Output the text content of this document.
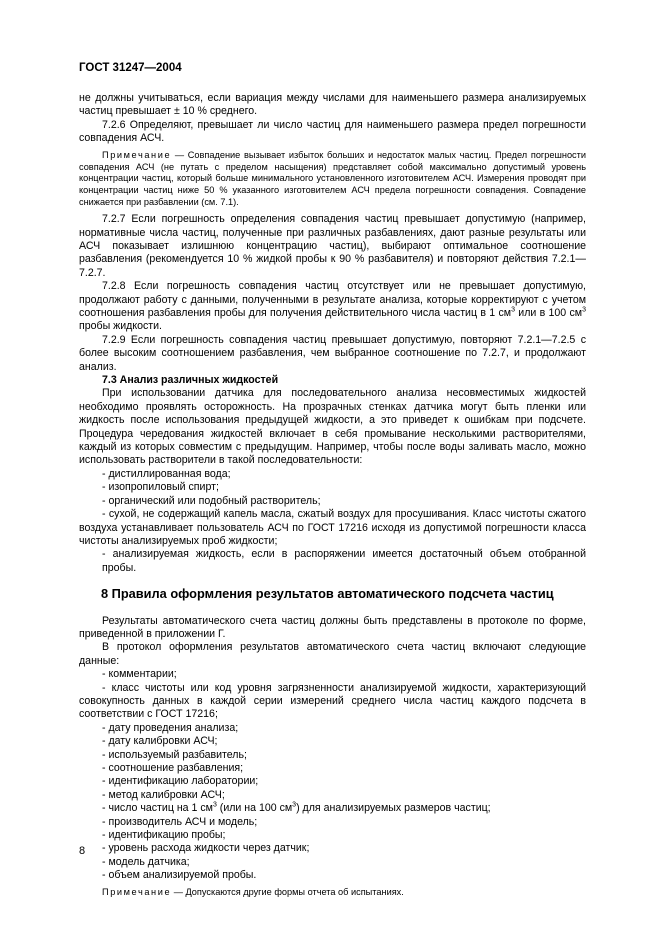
ГОСТ 31247—2004

не должны учитываться, если вариация между числами для наименьшего размера анализируемых частиц превышает ± 10 % среднего.

7.2.6 Определяют, превышает ли число частиц для наименьшего размера предел погрешности совпадения АСЧ.

Примечание — Совпадение вызывает избыток больших и недостаток малых частиц. Предел погрешности совпадения АСЧ (не путать с пределом насыщения) представляет собой максимально допустимый уровень концентрации частиц, который больше минимального установленного изготовителем АСЧ. Измерения проводят при концентрации частиц ниже 50 % указанного изготовителем АСЧ предела погрешности совпадения. Совпадение снижается при разбавлении (см. 7.1).

7.2.7 Если погрешность определения совпадения частиц превышает допустимую (например, нормативные числа частиц, полученные при различных разбавлениях, дают разные результаты или АСЧ показывает излишнюю концентрацию частиц), выбирают оптимальное соотношение разбавления (рекомендуется 10 % жидкой пробы к 90 % разбавителя) и повторяют действия 7.2.1—7.2.7.

7.2.8 Если погрешность совпадения частиц отсутствует или не превышает допустимую, продолжают работу с данными, полученными в результате анализа, которые корректируют с учетом соотношения разбавления пробы для получения действительного числа частиц в 1 $см^3$ или в 100 $см^3$ пробы жидкости.

7.2.9 Если погрешность совпадения частиц превышает допустимую, повторяют 7.2.1—7.2.5 с более высоким соотношением разбавления, чем выбранное соотношение по 7.2.7, и продолжают анализ.

7.3 Анализ различных жидкостей

При использовании датчика для последовательного анализа несовместимых жидкостей необходимо проявлять осторожность. На прозрачных стенках датчика могут быть пленки или жидкость после использования предыдущей жидкости, а это приведет к ошибкам при подсчете. Процедура чередования жидкостей включает в себя промывание несколькими растворителями, каждый из которых совместим с предыдущим. Например, чтобы после воды заливать масло, можно использовать растворители в такой последовательности:

- дистиллированная вода;

- изопропиловый спирт;

- органический или подобный растворитель;

- сухой, не содержащий капель масла, сжатый воздух для просушивания. Класс чистоты сжатого воздуха устанавливает пользователь АСЧ по ГОСТ 17216 исходя из допустимой погрешности класса чистоты анализируемых проб жидкости;

- анализируемая жидкость, если в распоряжении имеется достаточный объем отобранной пробы.

8 Правила оформления результатов автоматического подсчета частиц

Результаты автоматического счета частиц должны быть представлены в протоколе по форме, приведенной в приложении Г.

В протокол оформления результатов автоматического счета частиц включают следующие данные:

- комментарии;

- класс чистоты или код уровня загрязненности анализируемой жидкости, характеризующий совокупность данных в каждой серии измерений среднего числа частиц каждого подсчета в соответствии с ГОСТ 17216;

- дату проведения анализа;

- дату калибровки АСЧ;

- используемый разбавитель;

- соотношение разбавления;

- идентификацию лаборатории;

- метод калибровки АСЧ;

- число частиц на 1 $см^3$ (или на 100 $см^3$) для анализируемых размеров частиц;

- производитель АСЧ и модель;

- идентификацию пробы;

- уровень расхода жидкости через датчик;

- модель датчика;

- объем анализируемой пробы.

Примечание — Допускаются другие формы отчета об испытаниях.

8
